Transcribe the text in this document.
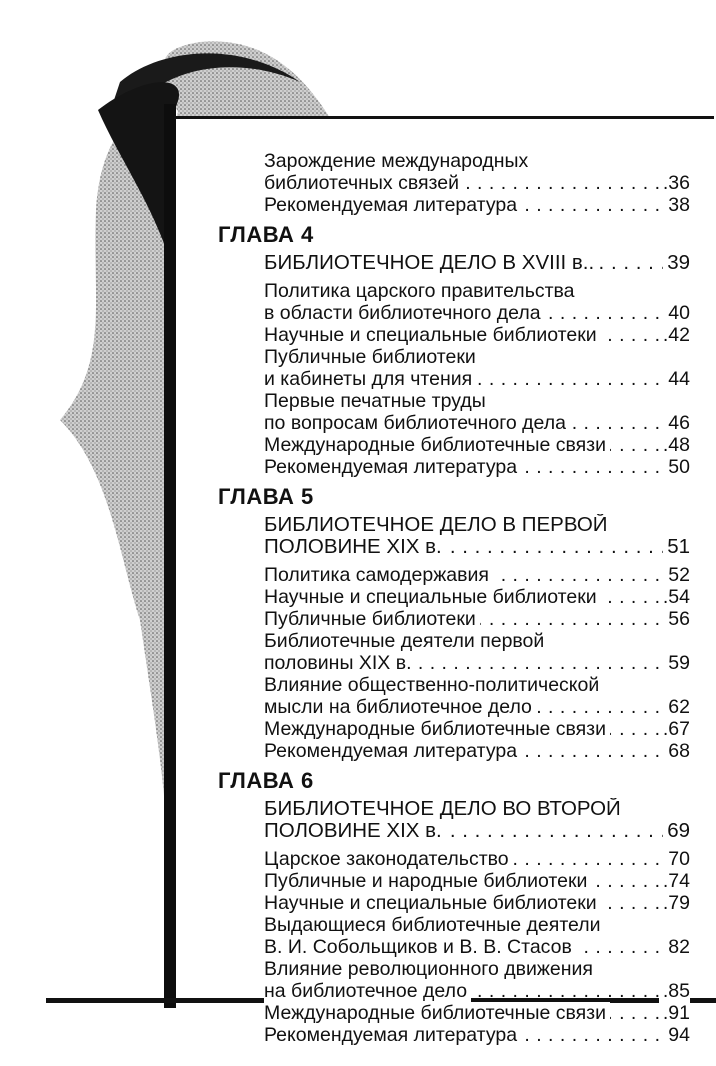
Зарождение международных
библиотечных связей	.36
. . .
Рекомендуемая литература	38
. . .
ГЛАВА 4
БИБЛИОТЕЧНОЕ ДЕЛО В XVIII в..	39
. . .
Политика царского правительства
в области библиотечного дела	40
. . .
Научные и специальные библиотеки	.42
. . .
Публичные библиотеки
и кабинеты для чтения	44
. . .
Первые печатные труды
по вопросам библиотечного дела	46
. . .
Международные библиотечные связи	.48
. . .
Рекомендуемая литература	50
. . .
ГЛАВА 5
БИБЛИОТЕЧНОЕ ДЕЛО В ПЕРВОЙ
ПОЛОВИНЕ XIX в.	51
. . .
Политика самодержавия	52
. . .
Научные и специальные библиотеки	.54
. . .
Публичные библиотеки	56
. . .
Библиотечные деятели первой
половины XIX в.	59
. . .
Влияние общественно-политической
мысли на библиотечное дело	62
. . .
Международные библиотечные связи	.67
. . .
Рекомендуемая литература	68
. . .
ГЛАВА 6
БИБЛИОТЕЧНОЕ ДЕЛО ВО ВТОРОЙ
ПОЛОВИНЕ XIX в.	69
. . .
Царское законодательство	70
. . .
Публичные и народные библиотеки	.74
. . .
Научные и специальные библиотеки	.79
. . .
Выдающиеся библиотечные деятели
В. И. Собольщиков и В. В. Стасов	82
. . .
Влияние революционного движения
на библиотечное дело	.85
. . .
Международные библиотечные связи	.91
. . .
Рекомендуемая литература	94
. . .
